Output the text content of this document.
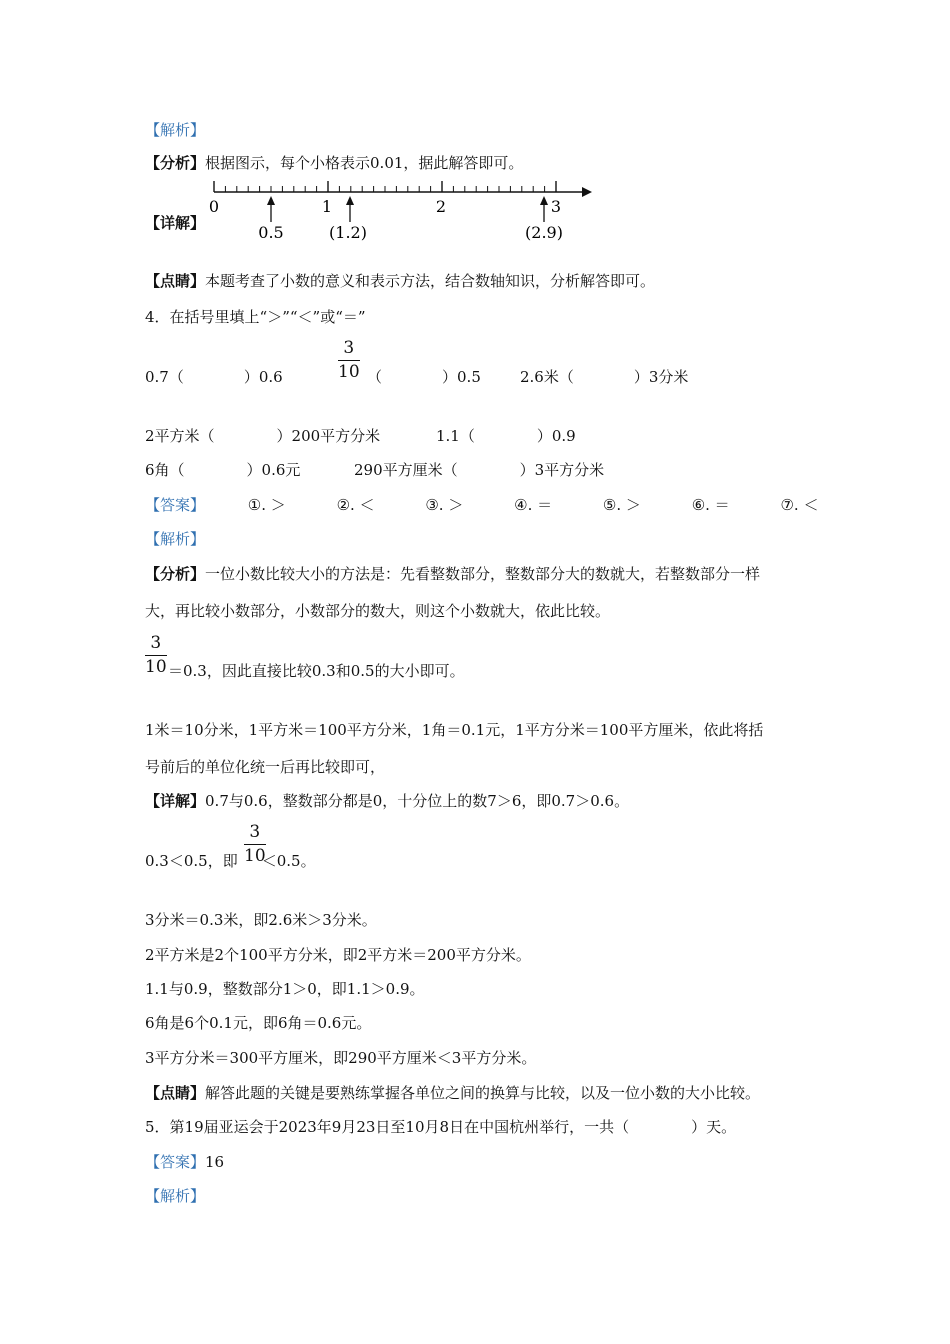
【解析】
【分析】根据图示，每个小格表示0.01，据此解答即可。
【详解】
0	1	2	3
0.5	(1.2)	(2.9)
【点睛】本题考查了小数的意义和表示方法，结合数轴知识，分析解答即可。
4．在括号里填上“＞”“＜”或“＝”
0.7（	）0.6	$\frac{3}{10}$ （	）0.5	2.6米（	）3分米
2平方米（	）200平方分米	1.1（	）0.9
6角（	）0.6元	290平方厘米（	）3平方分米
【答案】	①. ＞	②. ＜	③. ＞	④. ＝	⑤. ＞	⑥. ＝	⑦. ＜
【解析】
【分析】一位小数比较大小的方法是：先看整数部分，整数部分大的数就大，若整数部分一样
大，再比较小数部分，小数部分的数大，则这个小数就大，依此比较。
$\frac{3}{10} =0.3$，因此直接比较0.3和0.5的大小即可。
1米＝10分米，1平方米＝100平方分米，1角＝0.1元，1平方分米＝100平方厘米，依此将括
号前后的单位化统一后再比较即可，
【详解】0.7与0.6，整数部分都是0，十分位上的数7＞6，即0.7＞0.6。
0.3＜0.5，即 ＜0.5。
$\frac{3}{10}$
3分米＝0.3米，即2.6米＞3分米。
2平方米是2个100平方分米，即2平方米＝200平方分米。
1.1与0.9，整数部分1＞0，即1.1＞0.9。
6角是6个0.1元，即6角＝0.6元。
3平方分米＝300平方厘米，即290平方厘米＜3平方分米。
【点睛】解答此题的关键是要熟练掌握各单位之间的换算与比较，以及一位小数的大小比较。
5．第19届亚运会于2023年9月23日至10月8日在中国杭州举行，一共（	）天。
【答案】16
【解析】
